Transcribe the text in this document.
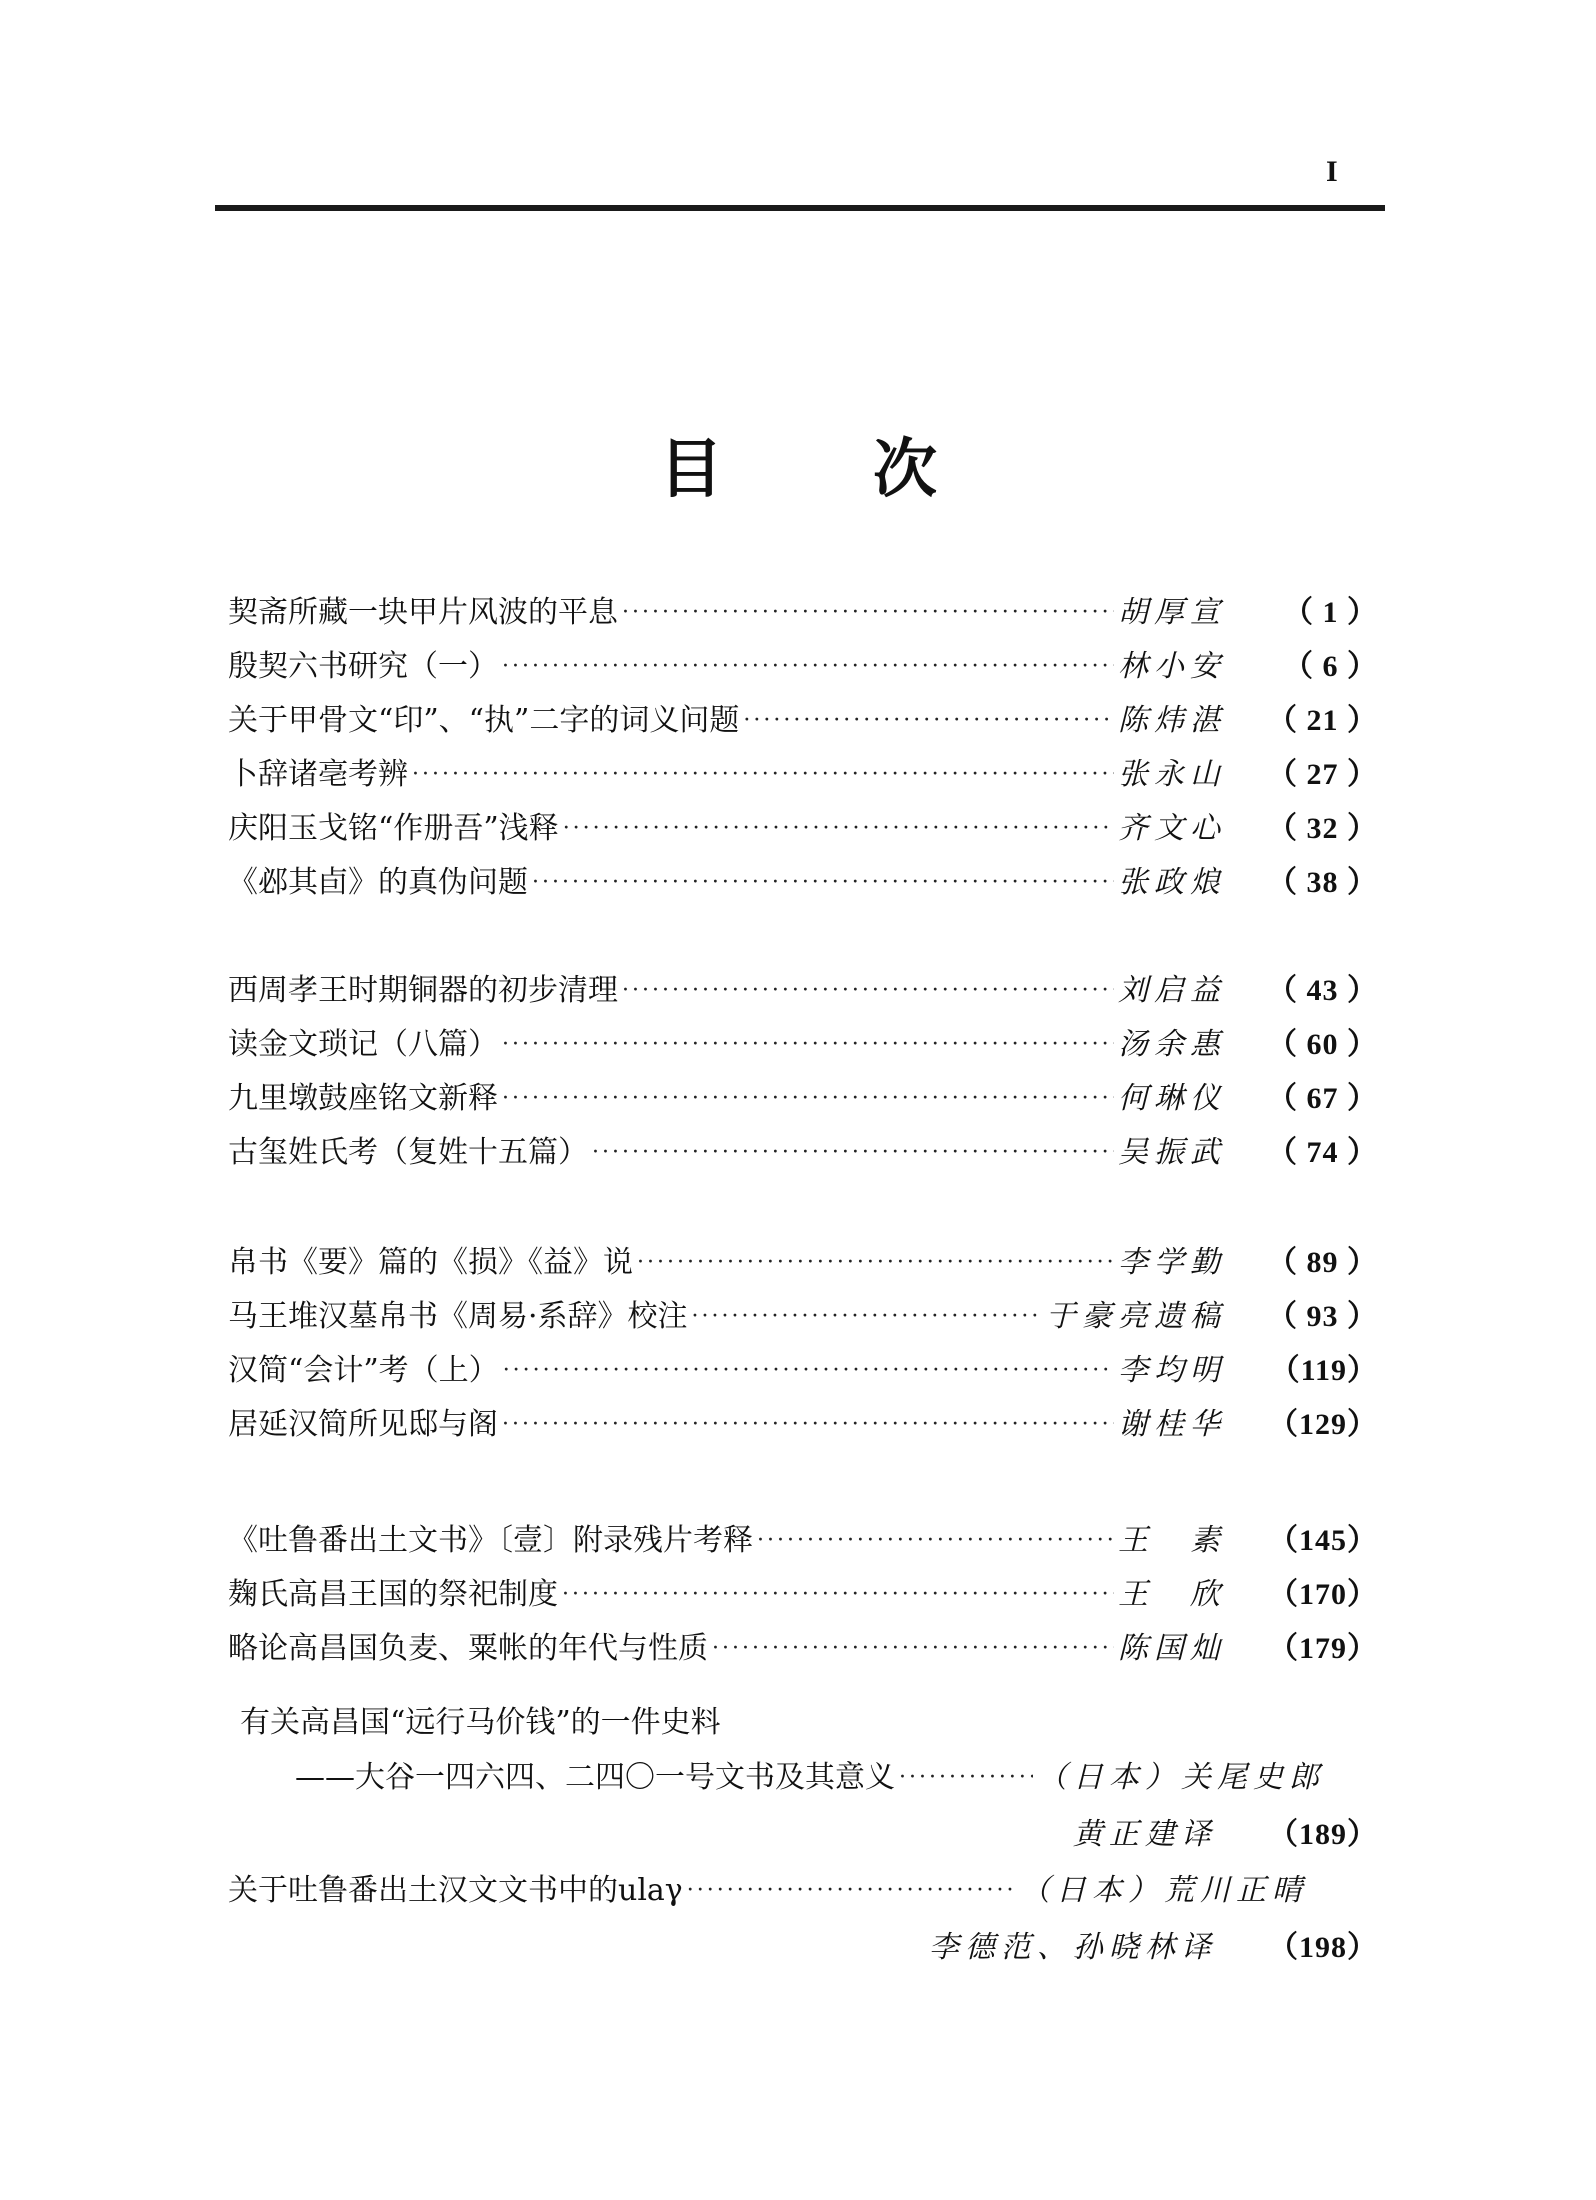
I
目次
契斋所藏一块甲片风波的平息 ·····	胡厚宣	（ 1 ）
殷契六书研究（一） ·····	林小安	（ 6 ）
关于甲骨文“印”、“执”二字的词义问题 ·····	陈炜湛	（ 21 ）
卜辞诸亳考辨 ·····	张永山	（ 27 ）
庆阳玉戈铭“作册吾”浅释 ·····	齐文心	（ 32 ）
《邲其卣》的真伪问题 ·····	张政烺	（ 38 ）
西周孝王时期铜器的初步清理 ·····	刘启益	（ 43 ）
读金文琐记（八篇） ·····	汤余惠	（ 60 ）
九里墩鼓座铭文新释 ·····	何琳仪	（ 67 ）
古玺姓氏考（复姓十五篇） ·····	吴振武	（ 74 ）
帛书《要》篇的《损》《益》说 ·····	李学勤	（ 89 ）
马王堆汉墓帛书《周易·系辞》校注 ·····	于豪亮遗稿	（ 93 ）
汉简“会计”考（上） ·····	李均明	（119）
居延汉简所见邸与阁 ·····	谢桂华	（129）
《吐鲁番出土文书》〔壹〕附录残片考释 ·····	王　素	（145）
麹氏高昌王国的祭祀制度 ·····	王　欣	（170）
略论高昌国负麦、粟帐的年代与性质 ·····	陈国灿	（179）
有关高昌国“远行马价钱”的一件史料
——大谷一四六四、二四〇一号文书及其意义 ·····	（日本）关尾史郎
黄正建译 （189）
关于吐鲁番出土汉文文书中的ulaγ ·····	（日本）荒川正晴
李德范、孙晓林译 （198）
